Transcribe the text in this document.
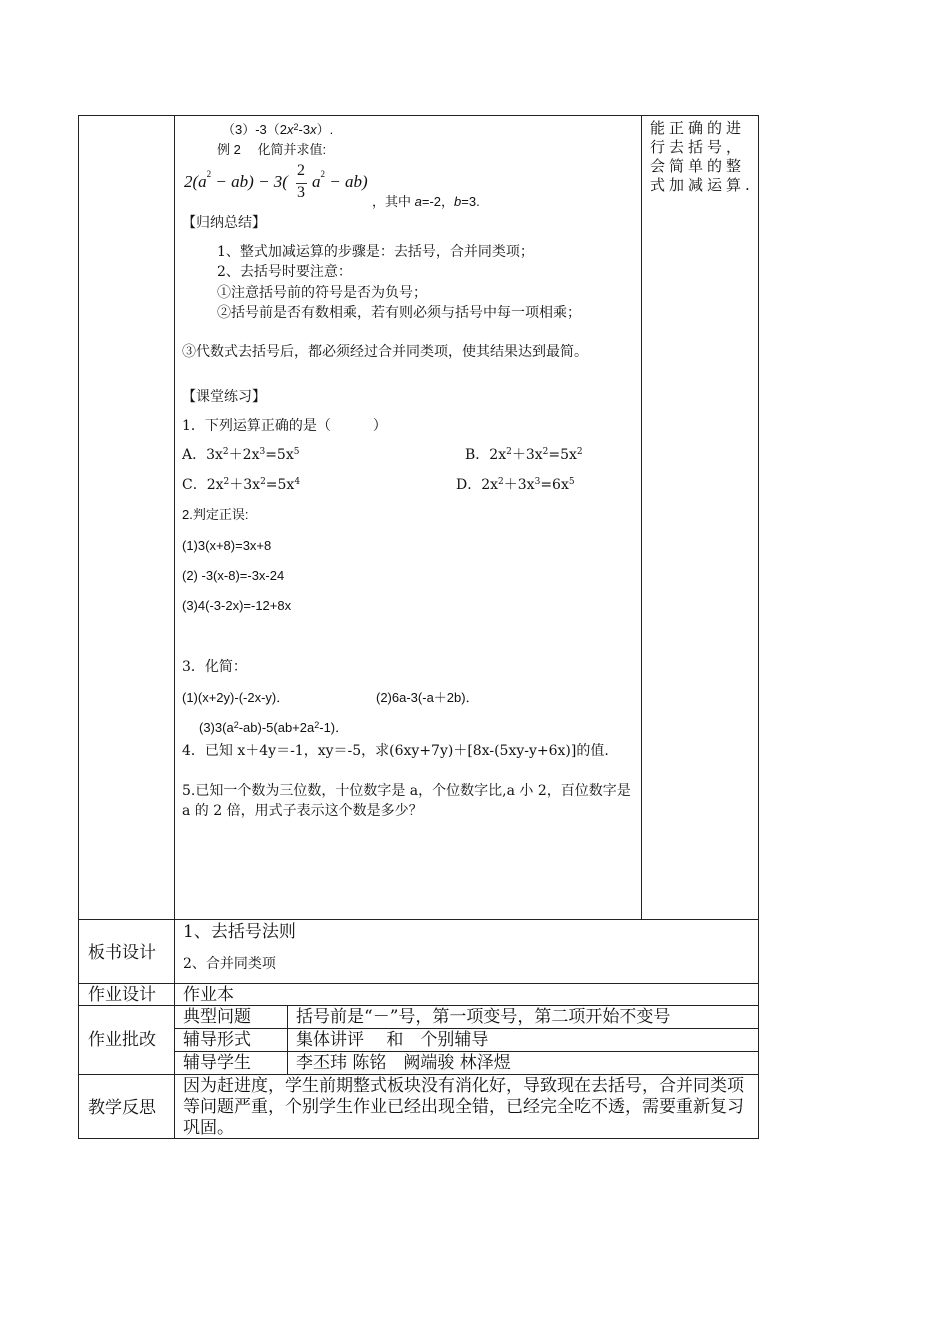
$(3)-3(2x^2-3x)$.
例 2　 化简并求值:
$2(a^2 - ab) - 3$(
2
3
$a^2 - ab$)
，其中 a=-2，b=3.
【归纳总结】
1、整式加减运算的步骤是：去括号，合并同类项；
2、去括号时要注意：
①注意括号前的符号是否为负号；
②括号前是否有数相乘，若有则必须与括号中每一项相乘；
③代数式去括号后，都必须经过合并同类项，使其结果达到最简。
【课堂练习】
1．下列运算正确的是（　　　）
A．$3x^2+2x^3=5x^5$	B．$2x^2+3x^2=5x^2$
C．$2x^2+3x^2=5x^4$	D．$2x^2+3x^3=6x^5$
2.判定正误:
(1)3(x+8)=3x+8
(2) -3(x-8)=-3x-24
(3)4(-3-2x)=-12+8x
3．化简：
(1)(x+2y)-(-2x-y)．	(2)6a-3(-a＋2b)．
$(3)3(a^2-ab)-5(ab+2a^2-1)$．
4．已知 x＋4y＝-1，xy＝-5，求(6xy+7y)＋[8x-(5xy-y+6x)]的值.
5.已知一个数为三位数，十位数字是 a，个位数字比,a 小 2，百位数字是 a 的 2 倍，用式子表示这个数是多少？
能正确的进行去括号，会简单的整式加减运算.
板书设计
1、去括号法则
2、合并同类项
作业设计 作业本
作业批改
典型问题	括号前是“－”号，第一项变号，第二项开始不变号
辅导形式	集体讲评　 和　个别辅导
辅导学生	李丕玮 陈铭　阙端骏 林泽煜
教学反思
因为赶进度，学生前期整式板块没有消化好，导致现在去括号，合并同类项等问题严重，个别学生作业已经出现全错，已经完全吃不透，需要重新复习巩固。
